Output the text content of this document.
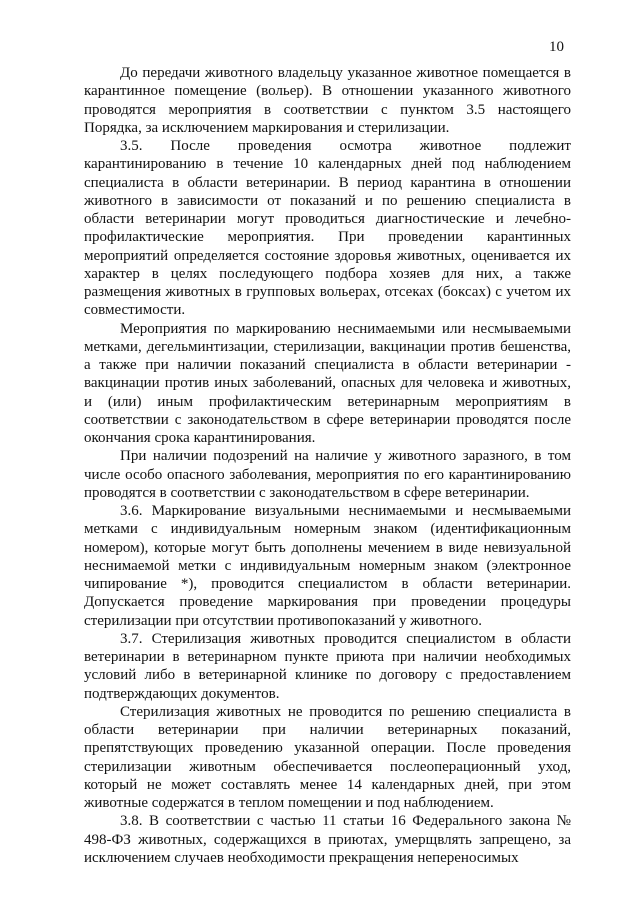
10

До передачи животного владельцу указанное животное помещается в карантинное помещение (вольер). В отношении указанного животного проводятся мероприятия в соответствии с пунктом 3.5 настоящего Порядка, за исключением маркирования и стерилизации.

3.5. После проведения осмотра животное подлежит карантинированию в течение 10 календарных дней под наблюдением специалиста в области ветеринарии. В период карантина в отношении животного в зависимости от показаний и по решению специалиста в области ветеринарии могут проводиться диагностические и лечебно-профилактические мероприятия. При проведении карантинных мероприятий определяется состояние здоровья животных, оценивается их характер в целях последующего подбора хозяев для них, а также размещения животных в групповых вольерах, отсеках (боксах) с учетом их совместимости.

Мероприятия по маркированию неснимаемыми или несмываемыми метками, дегельминтизации, стерилизации, вакцинации против бешенства, а также при наличии показаний специалиста в области ветеринарии - вакцинации против иных заболеваний, опасных для человека и животных, и (или) иным профилактическим ветеринарным мероприятиям в соответствии с законодательством в сфере ветеринарии проводятся после окончания срока карантинирования.

При наличии подозрений на наличие у животного заразного, в том числе особо опасного заболевания, мероприятия по его карантинированию проводятся в соответствии с законодательством в сфере ветеринарии.

3.6. Маркирование визуальными неснимаемыми и несмываемыми метками с индивидуальным номерным знаком (идентификационным номером), которые могут быть дополнены мечением в виде невизуальной неснимаемой метки с индивидуальным номерным знаком (электронное чипирование *), проводится специалистом в области ветеринарии. Допускается проведение маркирования при проведении процедуры стерилизации при отсутствии противопоказаний у животного.

3.7. Стерилизация животных проводится специалистом в области ветеринарии в ветеринарном пункте приюта при наличии необходимых условий либо в ветеринарной клинике по договору с предоставлением подтверждающих документов.

Стерилизация животных не проводится по решению специалиста в области ветеринарии при наличии ветеринарных показаний, препятствующих проведению указанной операции. После проведения стерилизации животным обеспечивается послеоперационный уход, который не может составлять менее 14 календарных дней, при этом животные содержатся в теплом помещении и под наблюдением.

3.8. В соответствии с частью 11 статьи 16 Федерального закона № 498-ФЗ животных, содержащихся в приютах, умерщвлять запрещено, за исключением случаев необходимости прекращения непереносимых
